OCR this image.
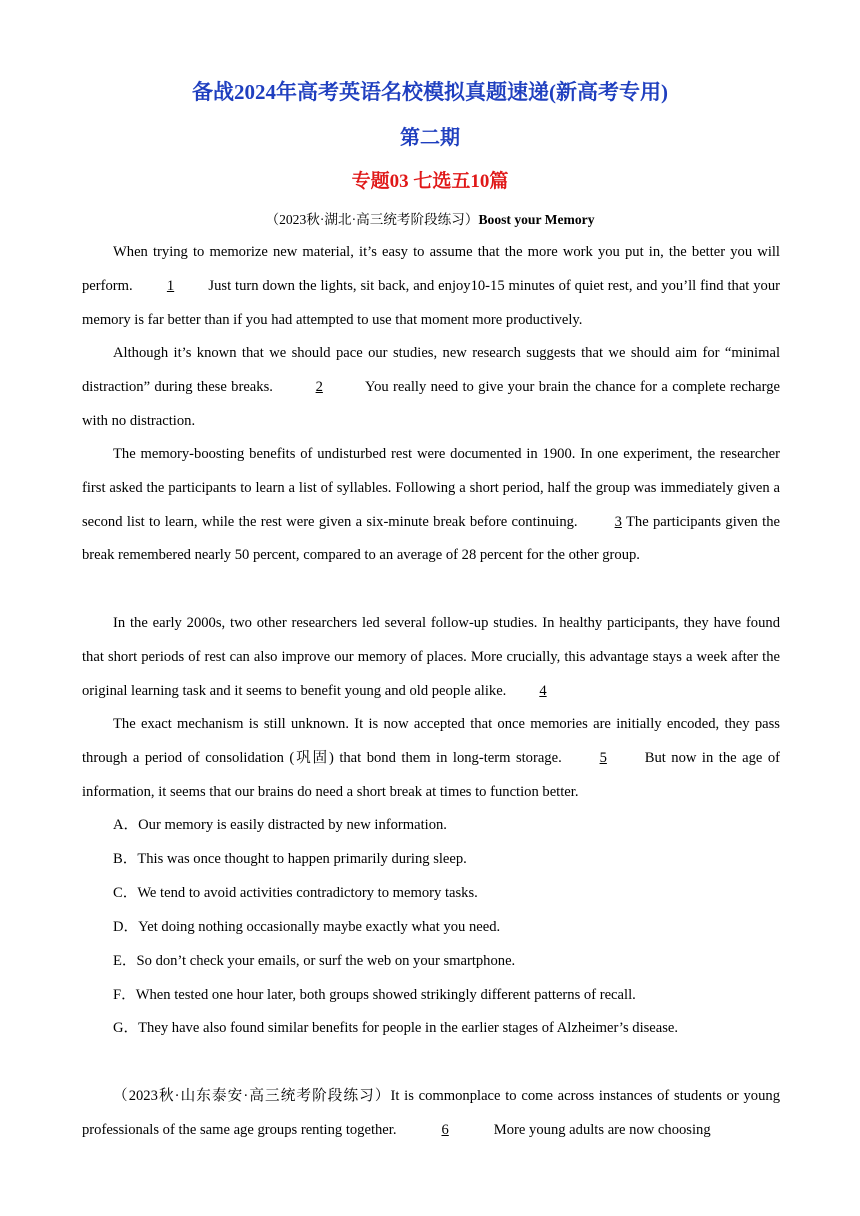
备战2024年高考英语名校模拟真题速递(新高考专用)
第二期
专题03 七选五10篇
（2023秋·湖北·高三统考阶段练习）Boost your Memory

When trying to memorize new material, it’s easy to assume that the more work you put in, the better you will perform. 1 Just turn down the lights, sit back, and enjoy10-15 minutes of quiet rest, and you’ll find that your memory is far better than if you had attempted to use that moment more productively.

Although it’s known that we should pace our studies, new research suggests that we should aim for “minimal distraction” during these breaks.	2	You really need to give your brain the chance for a complete recharge with no distraction.

The memory-boosting benefits of undisturbed rest were documented in 1900. In one experiment, the researcher first asked the participants to learn a list of syllables. Following a short period, half the group was immediately given a second list to learn, while the rest were given a six-minute break before continuing. 3 The participants given the break remembered nearly 50 percent, compared to an average of 28 percent for the other group.

In the early 2000s, two other researchers led several follow-up studies. In healthy participants, they have found that short periods of rest can also improve our memory of places. More crucially, this advantage stays a week after the original learning task and it seems to benefit young and old people alike. 4

The exact mechanism is still unknown. It is now accepted that once memories are initially encoded, they pass through a period of consolidation (巩固) that bond them in long-term storage. 5 But now in the age of information, it seems that our brains do need a short break at times to function better.

A．Our memory is easily distracted by new information.

B．This was once thought to happen primarily during sleep.

C．We tend to avoid activities contradictory to memory tasks.

D．Yet doing nothing occasionally maybe exactly what you need.

E．So don’t check your emails, or surf the web on your smartphone.

F．When tested one hour later, both groups showed strikingly different patterns of recall.

G．They have also found similar benefits for people in the earlier stages of Alzheimer’s disease.

（2023秋·山东泰安·高三统考阶段练习）It is commonplace to come across instances of students or young professionals of the same age groups renting together.	6	More young adults are now choosing
